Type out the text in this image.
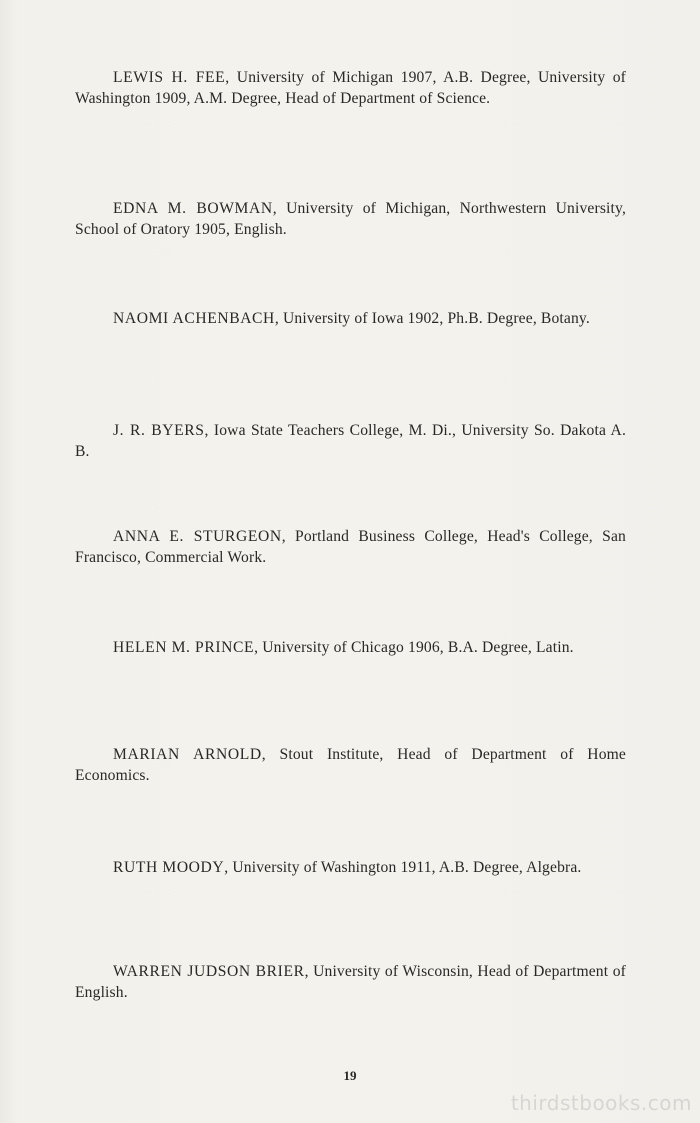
LEWIS H. FEE, University of Michigan 1907, A.B. Degree, University of Washington 1909, A.M. Degree, Head of Department of Science.

EDNA M. BOWMAN, University of Michigan, Northwestern University, School of Oratory 1905, English.

NAOMI ACHENBACH, University of Iowa 1902, Ph.B. Degree, Botany.

J. R. BYERS, Iowa State Teachers College, M. Di., University So. Dakota A. B.

ANNA E. STURGEON, Portland Business College, Head's College, San Francisco, Commercial Work.

HELEN M. PRINCE, University of Chicago 1906, B.A. Degree, Latin.

MARIAN ARNOLD, Stout Institute, Head of Department of Home Economics.

RUTH MOODY, University of Washington 1911, A.B. Degree, Algebra.

WARREN JUDSON BRIER, University of Wisconsin, Head of Department of English.

19
thirdstbooks.com
